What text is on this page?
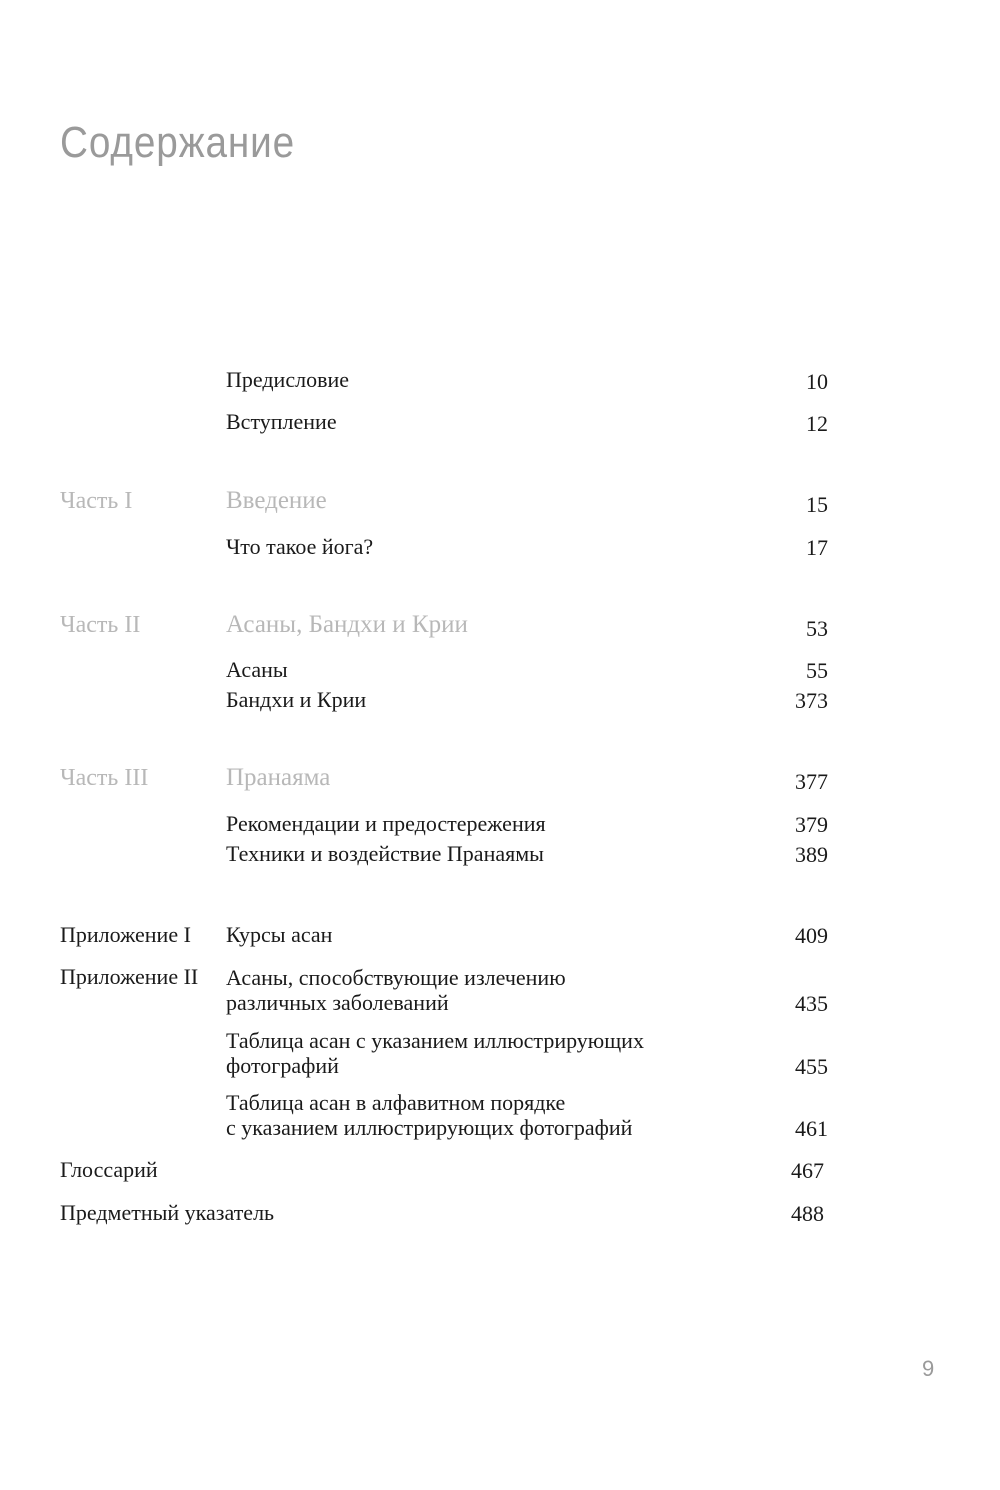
Содержание
Предисловие	10
Вступление	12
Часть I	Введение	15
Что такое йога?	17
Часть II	Асаны, Бандхи и Крии	53
Асаны	55
Бандхи и Крии	373
Часть III	Пранаяма	377
Рекомендации и предостережения	379
Техники и воздействие Пранаямы	389
Приложение I Курсы асан	409
Приложение II Асаны, способствующие излечению
различных заболеваний	435
Таблица асан с указанием иллюстрирующих
фотографий	455
Таблица асан в алфавитном порядке
с указанием иллюстрирующих фотографий	461
Глоссарий	467
Предметный указатель	488
9
